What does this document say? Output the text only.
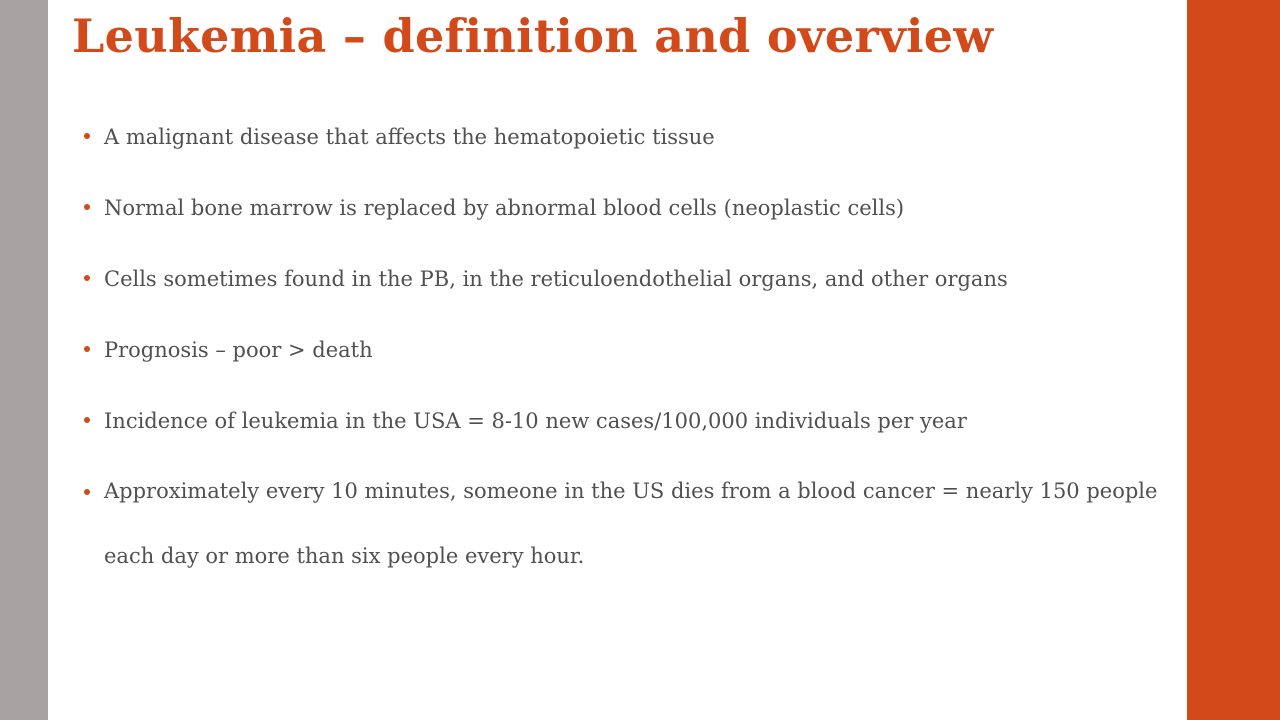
Leukemia – definition and overview
A malignant disease that affects the hematopoietic tissue
Normal bone marrow is replaced by abnormal blood cells (neoplastic cells)
Cells sometimes found in the PB, in the reticuloendothelial organs, and other organs
Prognosis – poor > death
Incidence of leukemia in the USA = 8-10 new cases/100,000 individuals per year
Approximately every 10 minutes, someone in the US dies from a blood cancer = nearly 150 people each day or more than six people every hour.
